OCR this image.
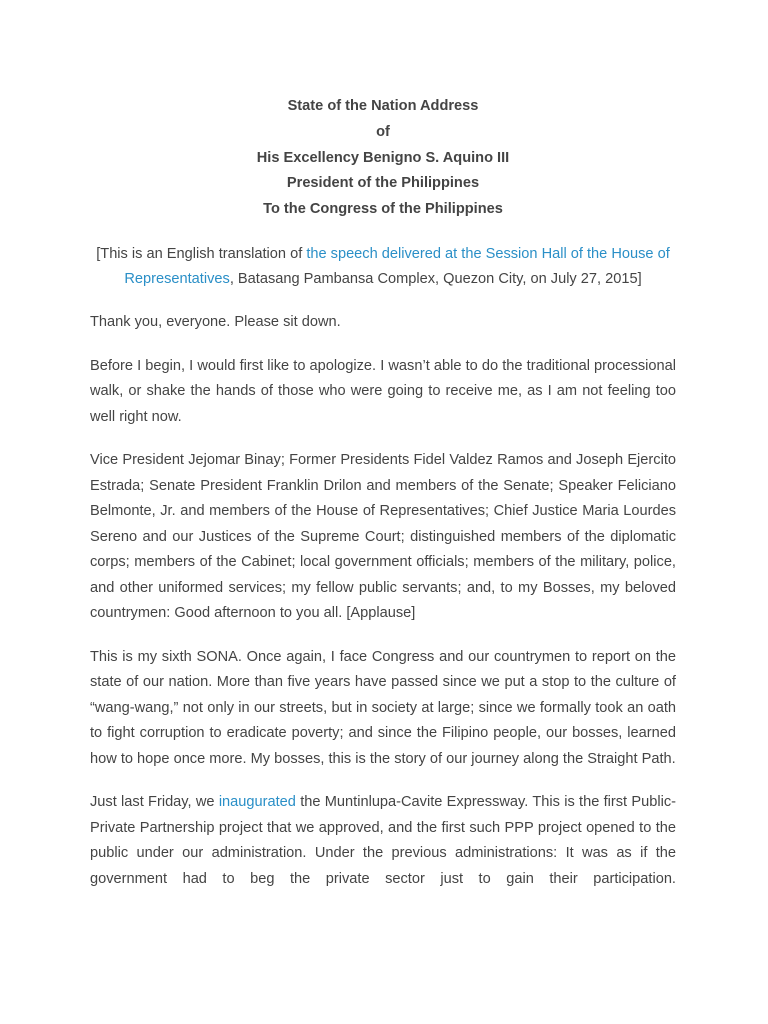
State of the Nation Address
of
His Excellency Benigno S. Aquino III
President of the Philippines
To the Congress of the Philippines
[This is an English translation of the speech delivered at the Session Hall of the House of Representatives, Batasang Pambansa Complex, Quezon City, on July 27, 2015]

Thank you, everyone. Please sit down.

Before I begin, I would first like to apologize. I wasn’t able to do the traditional processional walk, or shake the hands of those who were going to receive me, as I am not feeling too well right now.

Vice President Jejomar Binay; Former Presidents Fidel Valdez Ramos and Joseph Ejercito Estrada; Senate President Franklin Drilon and members of the Senate; Speaker Feliciano Belmonte, Jr. and members of the House of Representatives; Chief Justice Maria Lourdes Sereno and our Justices of the Supreme Court; distinguished members of the diplomatic corps; members of the Cabinet; local government officials; members of the military, police, and other uniformed services; my fellow public servants; and, to my Bosses, my beloved countrymen: Good afternoon to you all. [Applause]

This is my sixth SONA. Once again, I face Congress and our countrymen to report on the state of our nation. More than five years have passed since we put a stop to the culture of “wang-wang,” not only in our streets, but in society at large; since we formally took an oath to fight corruption to eradicate poverty; and since the Filipino people, our bosses, learned how to hope once more. My bosses, this is the story of our journey along the Straight Path.

Just last Friday, we inaugurated the Muntinlupa-Cavite Expressway. This is the first Public-Private Partnership project that we approved, and the first such PPP project opened to the public under our administration. Under the previous administrations: It was as if the government had to beg the private sector just to gain their participation.
